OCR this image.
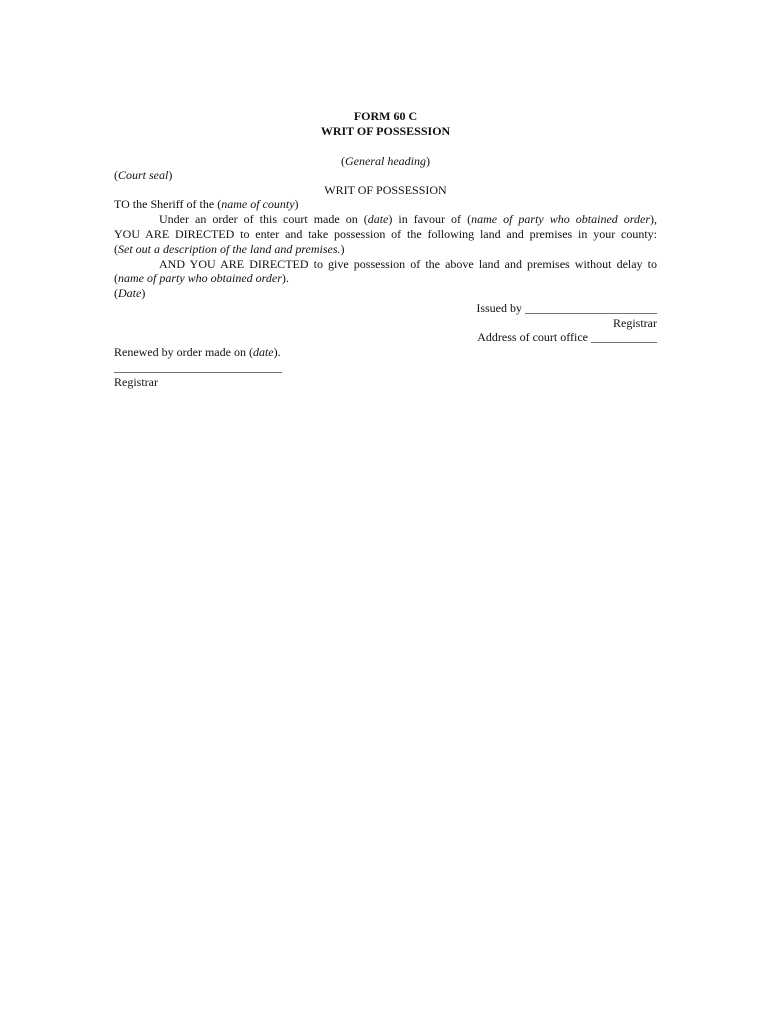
FORM 60 C
WRIT OF POSSESSION
(General heading)
(Court seal)
WRIT OF POSSESSION
TO the Sheriff of the (name of county)
Under an order of this court made on (date) in favour of (name of party who obtained order),
YOU ARE DIRECTED to enter and take possession of the following land and premises in your county:
(Set out a description of the land and premises.)
AND YOU ARE DIRECTED to give possession of the above land and premises without delay to
(name of party who obtained order).
(Date)
Issued by ______________________
Registrar
Address of court office ___________
Renewed by order made on (date).
____________________________
Registrar
